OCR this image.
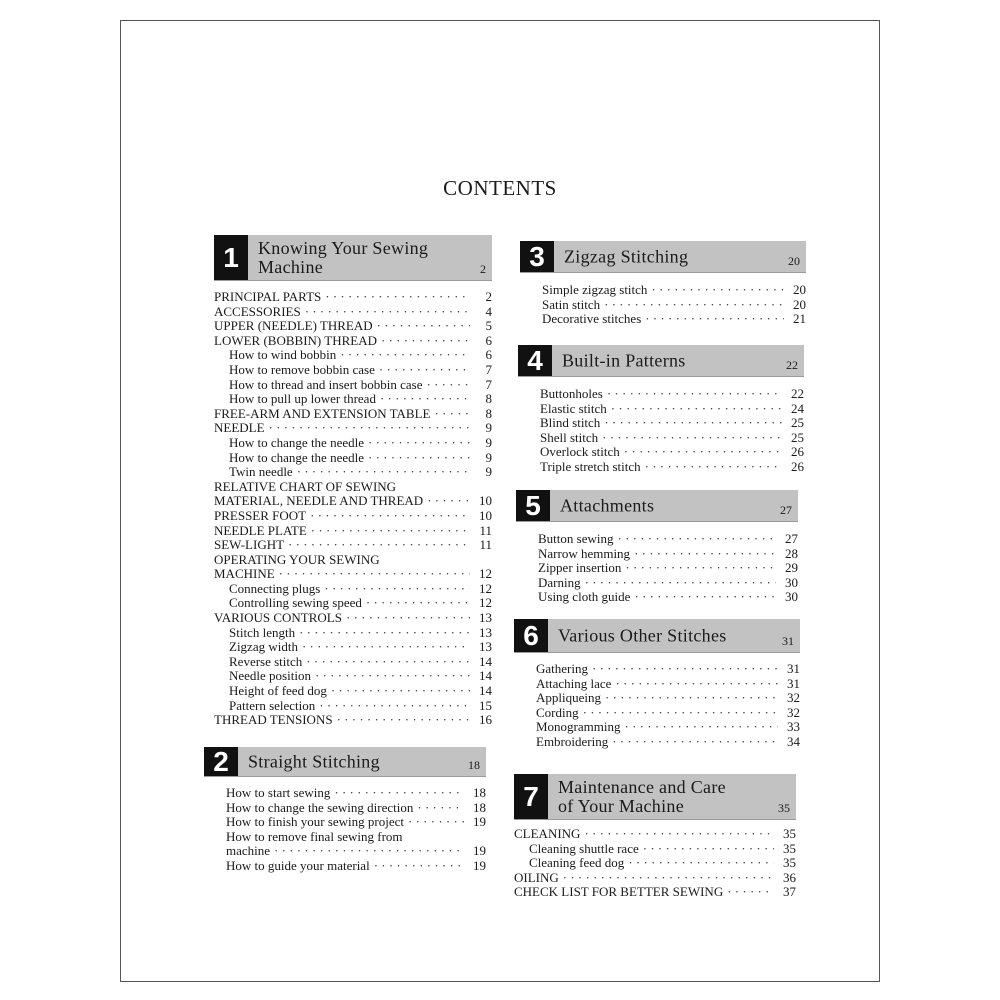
CONTENTS
1	Knowing Your Sewing
Machine	2
PRINCIPAL PARTS · · ·	2
ACCESSORIES · · ·	4
UPPER (NEEDLE) THREAD · · ·	5
LOWER (BOBBIN) THREAD · · ·	6
How to wind bobbin · · ·	6
How to remove bobbin case · · ·	7
How to thread and insert bobbin case · · ·	7
How to pull up lower thread · · ·	8
FREE-ARM AND EXTENSION TABLE · · ·	8
NEEDLE · · ·	9
How to change the needle · · ·	9
How to change the needle · · ·	9
Twin needle · · ·	9
RELATIVE CHART OF SEWING
MATERIAL, NEEDLE AND THREAD · · ·	10
PRESSER FOOT · · ·	10
NEEDLE PLATE · · ·	11
SEW-LIGHT · · ·	11
OPERATING YOUR SEWING
MACHINE · · ·	12
Connecting plugs · · ·	12
Controlling sewing speed · · ·	12
VARIOUS CONTROLS · · ·	13
Stitch length · · ·	13
Zigzag width · · ·	13
Reverse stitch · · ·	14
Needle position · · ·	14
Height of feed dog · · ·	14
Pattern selection · · ·	15
THREAD TENSIONS · · ·	16
2	Straight Stitching	18
How to start sewing · · ·	18
How to change the sewing direction · · ·	18
How to finish your sewing project · · ·	19
How to remove final sewing from
machine · · ·	19
How to guide your material · · ·	19
3	Zigzag Stitching	20
Simple zigzag stitch · · ·	20
Satin stitch · · ·	20
Decorative stitches · · ·	21
4	Built-in Patterns	22
Buttonholes · · ·	22
Elastic stitch · · ·	24
Blind stitch · · ·	25
Shell stitch · · ·	25
Overlock stitch · · ·	26
Triple stretch stitch · · ·	26
5	Attachments	27
Button sewing · · ·	27
Narrow hemming · · ·	28
Zipper insertion · · ·	29
Darning · · ·	30
Using cloth guide · · ·	30
6	Various Other Stitches	31
Gathering · · ·	31
Attaching lace · · ·	31
Appliqueing · · ·	32
Cording · · ·	32
Monogramming · · ·	33
Embroidering · · ·	34
7	Maintenance and Care
of Your Machine	35
CLEANING · · ·	35
Cleaning shuttle race · · ·	35
Cleaning feed dog · · ·	35
OILING · · ·	36
CHECK LIST FOR BETTER SEWING · · ·	37
